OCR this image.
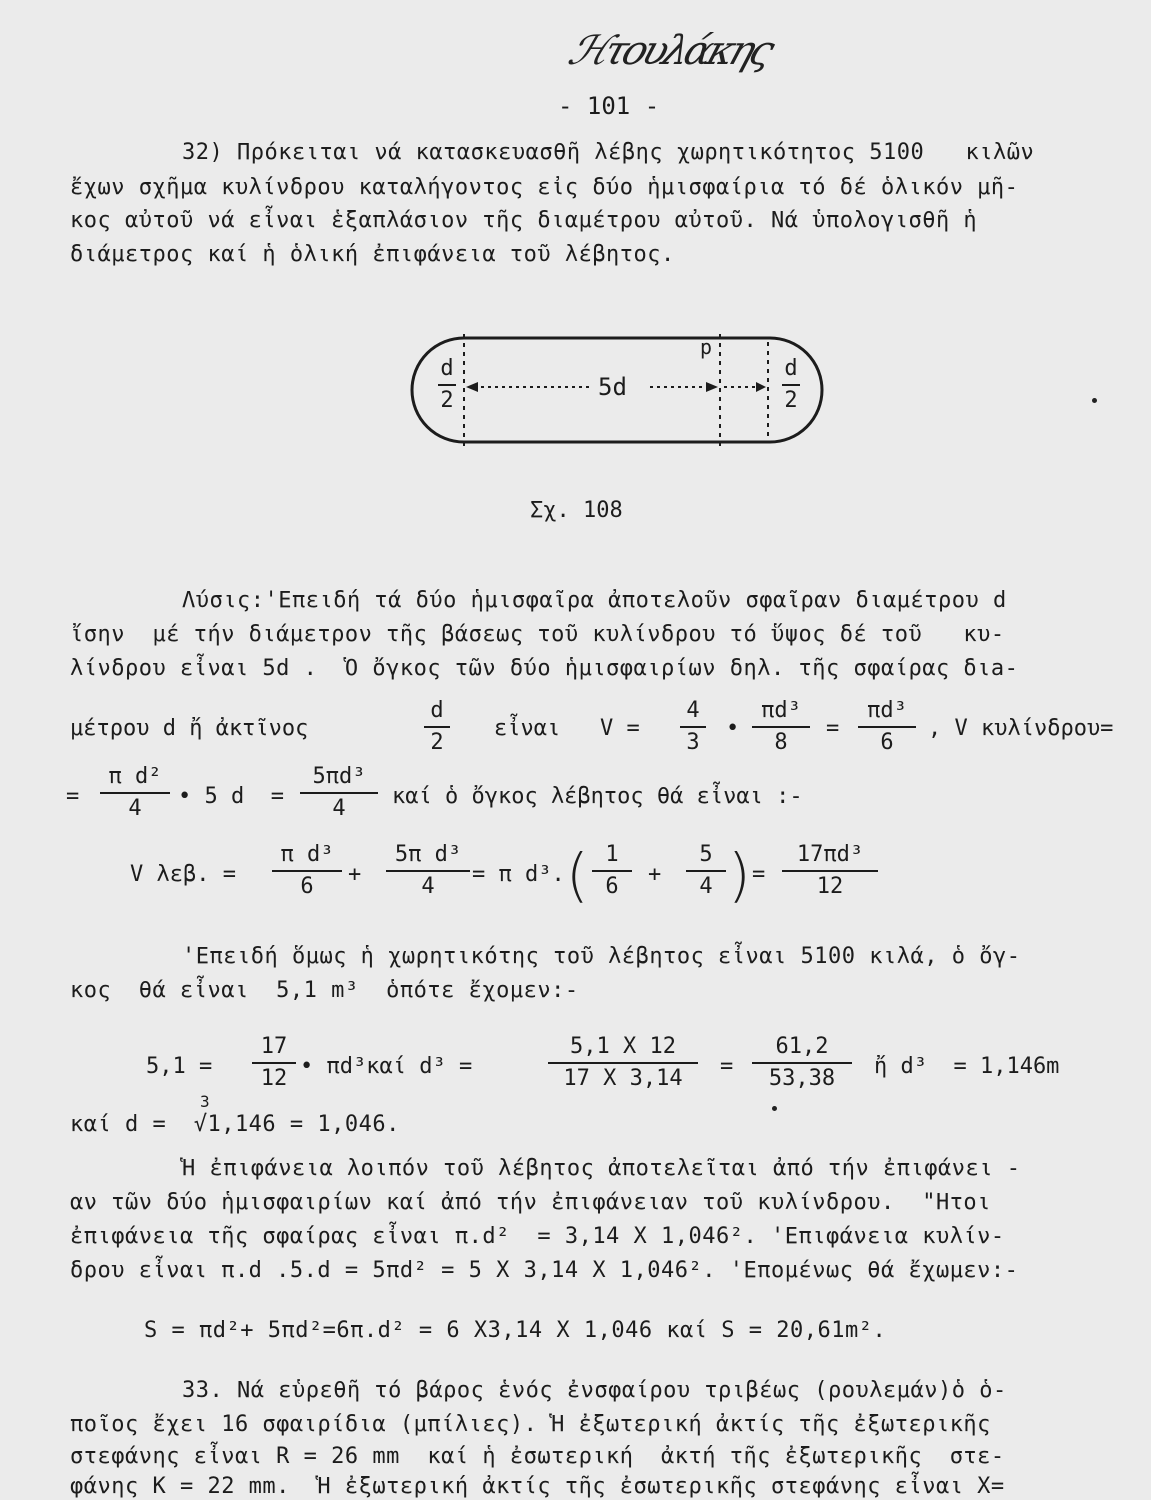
ℋτουλάκης
- 101 -
32) Πρόκειται νά κατασκευασθῆ λέβης χωρητικότητος 5100   κιλῶν
ἔχων σχῆμα κυλίνδρου καταλήγοντος εἰς δύο ἡμισφαίρια τό δέ ὁλικόν μῆ-
κος αὐτοῦ νά εἶναι ἑξαπλάσιον τῆς διαμέτρου αὐτοῦ. Νά ὑπολογισθῆ ἡ
διάμετρος καί ἡ ὁλική ἐπιφάνεια τοῦ λέβητος.
d
2	5d
d
d
2
Σχ. 108
Λύσις:'Επειδή τά δύο ἡμισφαῖρα ἀποτελοῦν σφαῖραν διαμέτρου d
ἴσην  μέ τήν διάμετρον τῆς βάσεως τοῦ κυλίνδρου τό ὕψος δέ τοῦ   κυ-
λίνδρου εἶναι 5d .  Ὁ ὄγκος τῶν δύο ἡμισφαιρίων δηλ. τῆς σφαίρας διa-
μέτρου d ἤ ἀκτῖνος
d
2
εἶναι   V =
4
3
•
πd³
8
=
πd³
6
, V κυλίνδρου=
=
π d²
4 • 5 d  =
5πd³
4 καί ὁ ὄγκος λέβητος θά εἶναι :-
V λεβ. =
π d³
6 +
5π d³
4 = π d³. ( 1
6 +
5
4 ) =
17πd³
12
'Επειδή ὅμως ἡ χωρητικότης τοῦ λέβητος εἶναι 5100 κιλά, ὁ ὄγ-
κος  θά εἶναι  5,1 m³  ὁπότε ἔχομεν:-
5,1 =
17
12 • πd³καί d³ =
5,1 X 12
17 X 3,14 =
61,2
53,38 ἤ d³  = 1,146m
3
καί d =  √1,146 = 1,046.
Ἡ ἐπιφάνεια λοιπόν τοῦ λέβητος ἀποτελεῖται ἀπό τήν ἐπιφάνει -
αν τῶν δύο ἡμισφαιρίων καί ἀπό τήν ἐπιφάνειαν τοῦ κυλίνδρου.  "Ητοι
ἐπιφάνεια τῆς σφαίρας εἶναι π.d²  = 3,14 X 1,046². 'Επιφάνεια κυλίν-
δρου εἶναι π.d .5.d = 5πd² = 5 X 3,14 X 1,046². 'Επομένως θά ἔχωμεν:-
S = πd²+ 5πd²=6π.d² = 6 X3,14 X 1,046 καί S = 20,61m².
33. Νά εὑρεθῆ τό βάρος ἑνός ἐνσφαίρου τριβέως (ρουλεμάν)ὁ ὁ-
ποῖος ἔχει 16 σφαιρίδια (μπίλιες). Ἡ ἐξωτερική ἀκτίς τῆς ἐξωτερικῆς
στεφάνης εἶναι R = 26 mm  καί ἡ ἐσωτερική  ἀκτή τῆς ἐξωτερικῆς  στε-
φάνης K = 22 mm.  Ἡ ἐξωτερική ἀκτίς τῆς ἐσωτερικῆς στεφάνης εἶναι X=
